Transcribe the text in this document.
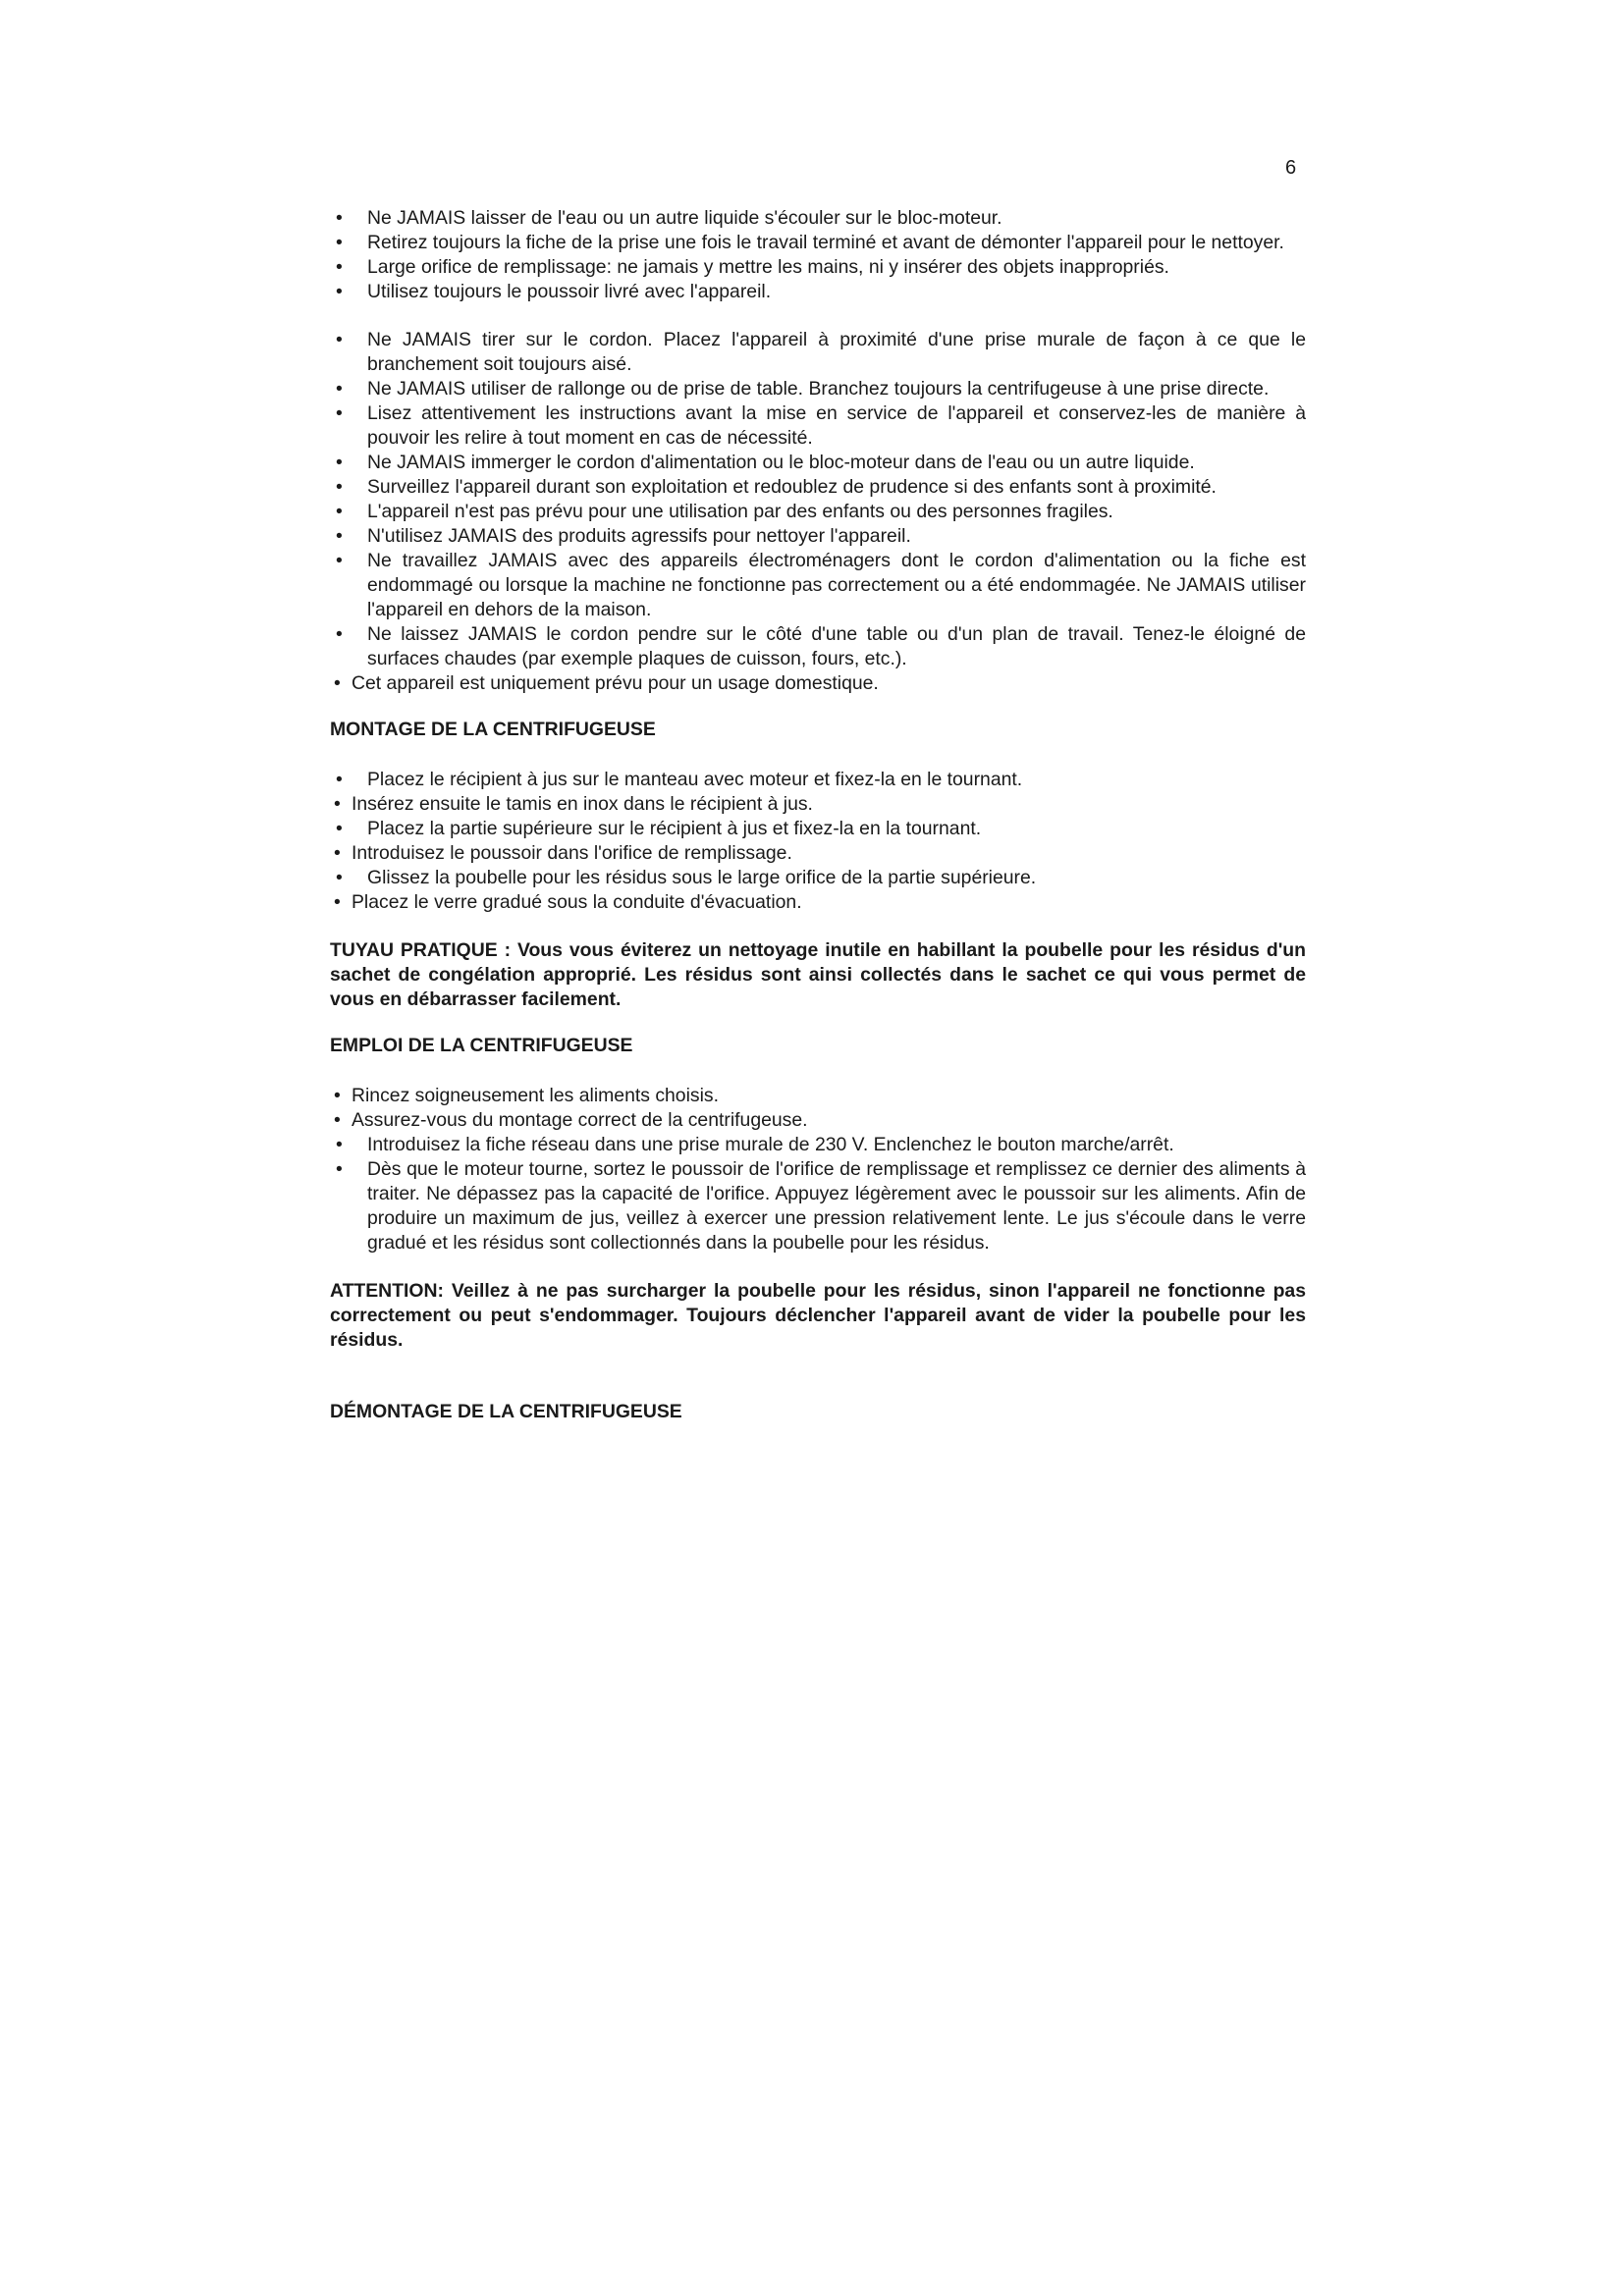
6
• Ne JAMAIS laisser de l'eau ou un autre liquide s'écouler sur le bloc-moteur.
• Retirez toujours la fiche de la prise une fois le travail terminé et avant de démonter l'appareil pour le nettoyer.
• Large orifice de remplissage: ne jamais y mettre les mains, ni y insérer des objets inappropriés.
• Utilisez toujours le poussoir livré avec l'appareil.
• Ne JAMAIS tirer sur le cordon. Placez l'appareil à proximité d'une prise murale de façon à ce que le branchement soit toujours aisé.
• Ne JAMAIS utiliser de rallonge ou de prise de table. Branchez toujours la centrifugeuse à une prise directe.
• Lisez attentivement les instructions avant la mise en service de l'appareil et conservez-les de manière à pouvoir les relire à tout moment en cas de nécessité.
• Ne JAMAIS immerger le cordon d'alimentation ou le bloc-moteur dans de l'eau ou un autre liquide.
• Surveillez l'appareil durant son exploitation et redoublez de prudence si des enfants sont à proximité.
• L'appareil n'est pas prévu pour une utilisation par des enfants ou des personnes fragiles.
• N'utilisez JAMAIS des produits agressifs pour nettoyer l'appareil.
• Ne travaillez JAMAIS avec des appareils électroménagers dont le cordon d'alimentation ou la fiche est endommagé ou lorsque la machine ne fonctionne pas correctement ou a été endommagée. Ne JAMAIS utiliser l'appareil en dehors de la maison.
• Ne laissez JAMAIS le cordon pendre sur le côté d'une table ou d'un plan de travail. Tenez-le éloigné de surfaces chaudes (par exemple plaques de cuisson, fours, etc.).
• Cet appareil est uniquement prévu pour un usage domestique.
MONTAGE DE LA CENTRIFUGEUSE
• Placez le récipient à jus sur le manteau avec moteur et fixez-la en le tournant.
• Insérez ensuite le tamis en inox dans le récipient à jus.
• Placez la partie supérieure sur le récipient à jus et fixez-la en la tournant.
• Introduisez le poussoir dans l'orifice de remplissage.
• Glissez la poubelle pour les résidus sous le large orifice de la partie supérieure.
• Placez le verre gradué sous la conduite d'évacuation.

TUYAU PRATIQUE : Vous vous éviterez un nettoyage inutile en habillant la poubelle pour les résidus d'un sachet de congélation approprié. Les résidus sont ainsi collectés dans le sachet ce qui vous permet de vous en débarrasser facilement.

EMPLOI DE LA CENTRIFUGEUSE
• Rincez soigneusement les aliments choisis.
• Assurez-vous du montage correct de la centrifugeuse.
• Introduisez la fiche réseau dans une prise murale de 230 V. Enclenchez le bouton marche/arrêt.
• Dès que le moteur tourne, sortez le poussoir de l'orifice de remplissage et remplissez ce dernier des aliments à traiter. Ne dépassez pas la capacité de l'orifice. Appuyez légèrement avec le poussoir sur les aliments. Afin de produire un maximum de jus, veillez à exercer une pression relativement lente. Le jus s'écoule dans le verre gradué et les résidus sont collectionnés dans la poubelle pour les résidus.

ATTENTION: Veillez à ne pas surcharger la poubelle pour les résidus, sinon l'appareil ne fonctionne pas correctement ou peut s'endommager. Toujours déclencher l'appareil avant de vider la poubelle pour les résidus.

DÉMONTAGE DE LA CENTRIFUGEUSE
